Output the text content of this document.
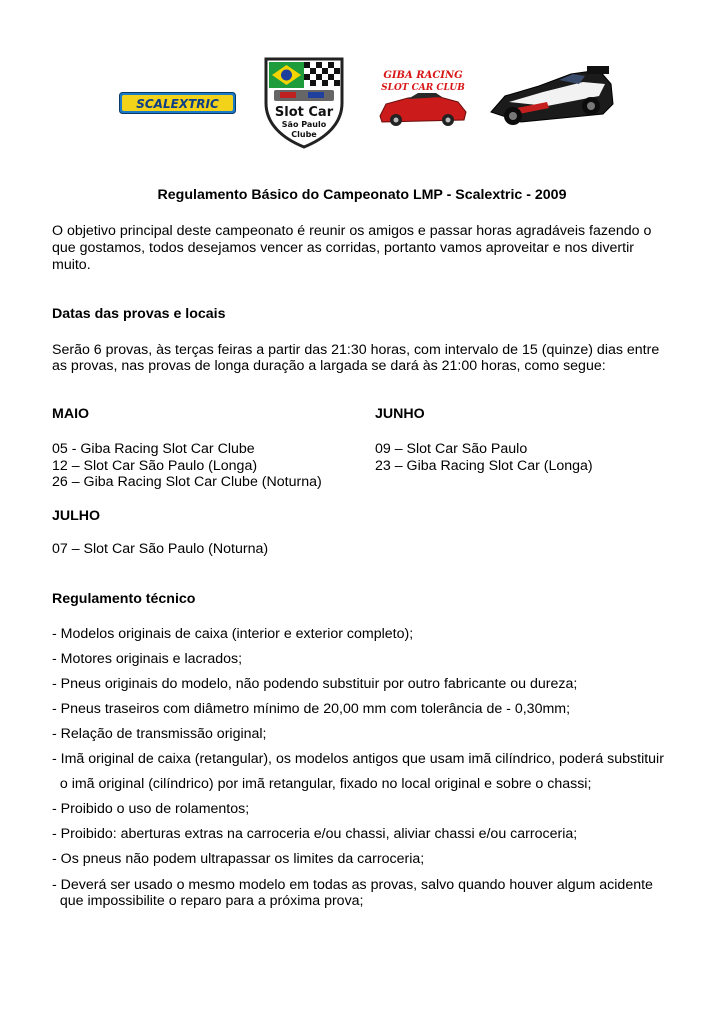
SCALEXTRIC
Slot Car
São Paulo
Clube
GIBA RACING
SLOT CAR CLUB
Regulamento Básico do Campeonato LMP - Scalextric - 2009
O objetivo principal deste campeonato é reunir os amigos e passar horas agradáveis fazendo o
que gostamos, todos desejamos vencer as corridas, portanto vamos aproveitar e nos divertir
muito.
Datas das provas e locais
Serão 6 provas, às terças feiras a partir das 21:30 horas, com intervalo de 15 (quinze) dias entre
as provas, nas provas de longa duração a largada se dará às 21:00 horas, como segue:
MAIO
05 - Giba Racing Slot Car Clube
12 – Slot Car São Paulo (Longa)
26 – Giba Racing Slot Car Clube (Noturna)
JUNHO
09 – Slot Car São Paulo
23 – Giba Racing Slot Car (Longa)
JULHO
07 – Slot Car São Paulo (Noturna)
Regulamento técnico
- Modelos originais de caixa (interior e exterior completo);
- Motores originais e lacrados;
- Pneus originais do modelo, não podendo substituir por outro fabricante ou dureza;
- Pneus traseiros com diâmetro mínimo de 20,00 mm com tolerância de - 0,30mm;
- Relação de transmissão original;
- Imã original de caixa (retangular), os modelos antigos que usam imã cilíndrico, poderá substituir
o imã original (cilíndrico) por imã retangular, fixado no local original e sobre o chassi;
- Proibido o uso de rolamentos;
- Proibido: aberturas extras na carroceria e/ou chassi, aliviar chassi e/ou carroceria;
- Os pneus não podem ultrapassar os limites da carroceria;
- Deverá ser usado o mesmo modelo em todas as provas, salvo quando houver algum acidente
que impossibilite o reparo para a próxima prova;
